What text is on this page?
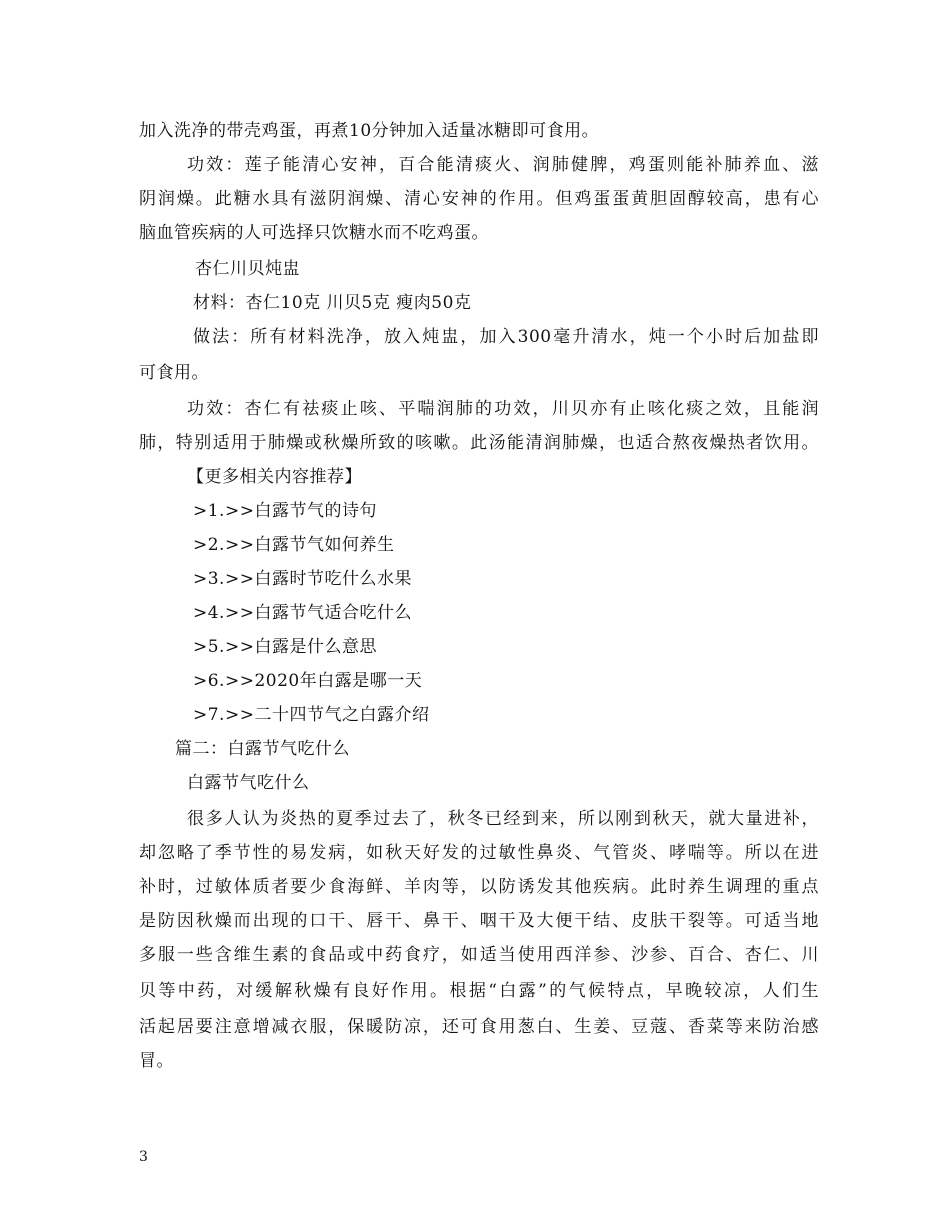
加入洗净的带壳鸡蛋，再煮10分钟加入适量冰糖即可食用。
功效：莲子能清心安神，百合能清痰火、润肺健脾，鸡蛋则能补肺养血、滋
阴润燥。此糖水具有滋阴润燥、清心安神的作用。但鸡蛋蛋黄胆固醇较高，患有心
脑血管疾病的人可选择只饮糖水而不吃鸡蛋。
杏仁川贝炖盅
材料：杏仁10克 川贝5克 瘦肉50克
做法：所有材料洗净，放入炖盅，加入300毫升清水，炖一个小时后加盐即
可食用。
功效：杏仁有祛痰止咳、平喘润肺的功效，川贝亦有止咳化痰之效，且能润
肺，特别适用于肺燥或秋燥所致的咳嗽。此汤能清润肺燥，也适合熬夜燥热者饮用。
【更多相关内容推荐】
>1.>>白露节气的诗句
>2.>>白露节气如何养生
>3.>>白露时节吃什么水果
>4.>>白露节气适合吃什么
>5.>>白露是什么意思
>6.>>2020年白露是哪一天
>7.>>二十四节气之白露介绍
篇二：白露节气吃什么
白露节气吃什么
很多人认为炎热的夏季过去了，秋冬已经到来，所以刚到秋天，就大量进补，
却忽略了季节性的易发病，如秋天好发的过敏性鼻炎、气管炎、哮喘等。所以在进
补时，过敏体质者要少食海鲜、羊肉等，以防诱发其他疾病。此时养生调理的重点
是防因秋燥而出现的口干、唇干、鼻干、咽干及大便干结、皮肤干裂等。可适当地
多服一些含维生素的食品或中药食疗，如适当使用西洋参、沙参、百合、杏仁、川
贝等中药，对缓解秋燥有良好作用。根据“白露”的气候特点，早晚较凉，人们生
活起居要注意增减衣服，保暖防凉，还可食用葱白、生姜、豆蔻、香菜等来防治感
冒。
3
